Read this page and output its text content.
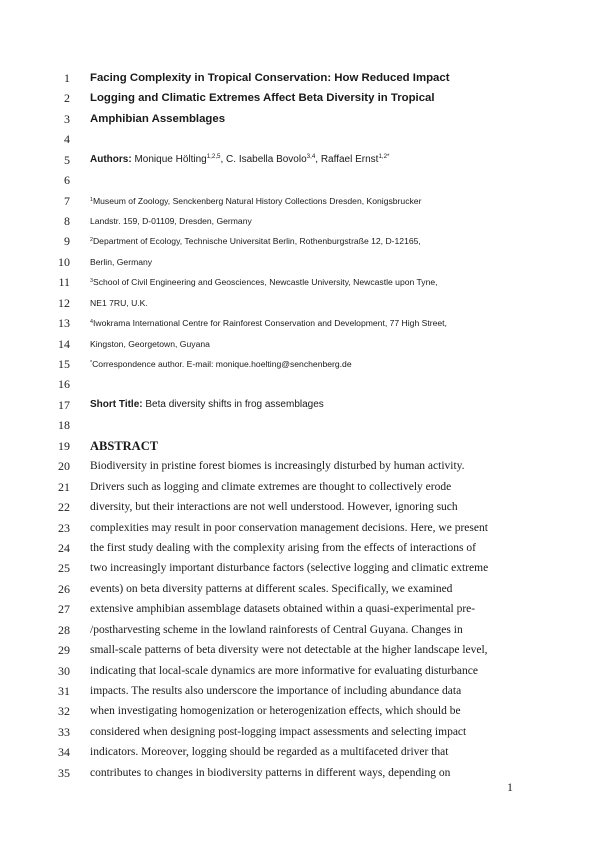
1 Facing Complexity in Tropical Conservation: How Reduced Impact
2 Logging and Climatic Extremes Affect Beta Diversity in Tropical
3 Amphibian Assemblages
4
5 Authors: Monique Hölting$^{1,2,5}$, C. Isabella Bovolo$^{3,4}$, Raffael Ernst$^{1,2*}$
6
7	$^1$Museum of Zoology, Senckenberg Natural History Collections Dresden, Konigsbrucker
8 Landstr. 159, D-01109, Dresden, Germany
9	$^2$Department of Ecology, Technische Universitat Berlin, Rothenburgstraße 12, D-12165,
10 Berlin, Germany
11	$^3$School of Civil Engineering and Geosciences, Newcastle University, Newcastle upon Tyne,
12 NE1 7RU, U.K.
13	$^4$Iwokrama International Centre for Rainforest Conservation and Development, 77 High Street,
14 Kingston, Georgetown, Guyana
15	*Correspondence author. E-mail: monique.hoelting@senchenberg.de
16
17 Short Title: Beta diversity shifts in frog assemblages
18
19 ABSTRACT
20 Biodiversity in pristine forest biomes is increasingly disturbed by human activity.
21 Drivers such as logging and climate extremes are thought to collectively erode
22 diversity, but their interactions are not well understood. However, ignoring such
23 complexities may result in poor conservation management decisions. Here, we present
24 the first study dealing with the complexity arising from the effects of interactions of
25 two increasingly important disturbance factors (selective logging and climatic extreme
26 events) on beta diversity patterns at different scales. Specifically, we examined
27 extensive amphibian assemblage datasets obtained within a quasi-experimental pre-
28 /postharvesting scheme in the lowland rainforests of Central Guyana. Changes in
29 small-scale patterns of beta diversity were not detectable at the higher landscape level,
30 indicating that local-scale dynamics are more informative for evaluating disturbance
31 impacts. The results also underscore the importance of including abundance data
32 when investigating homogenization or heterogenization effects, which should be
33 considered when designing post-logging impact assessments and selecting impact
34 indicators. Moreover, logging should be regarded as a multifaceted driver that
35 contributes to changes in biodiversity patterns in different ways, depending on
1
